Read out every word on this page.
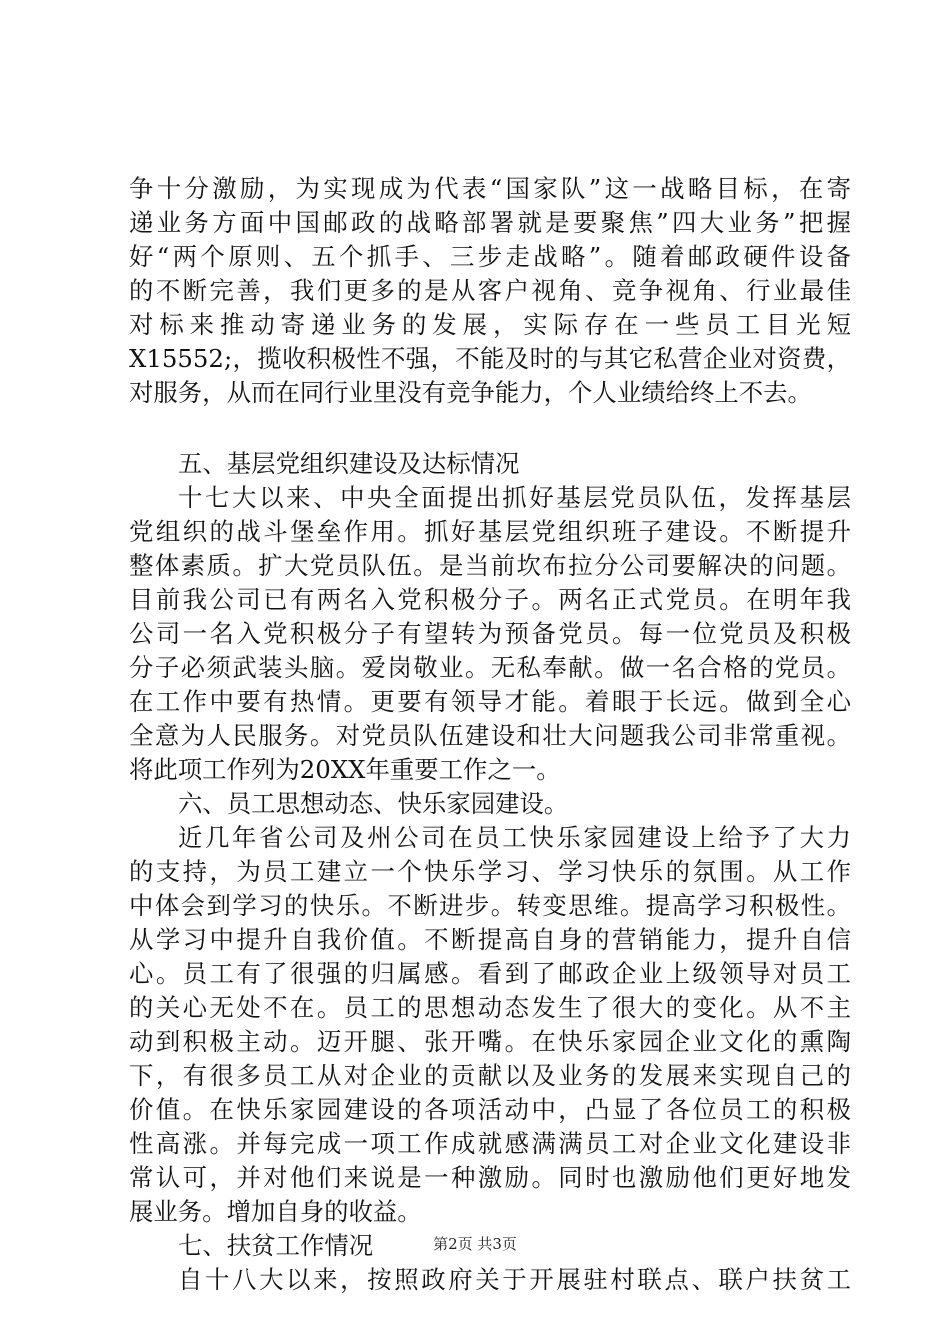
争十分激励，为实现成为代表“国家队”这一战略目标，在寄
递业务方面中国邮政的战略部署就是要聚焦”四大业务”把握
好“两个原则、五个抓手、三步走战略”。随着邮政硬件设备
的不断完善，我们更多的是从客户视角、竞争视角、行业最佳
对标来推动寄递业务的发展，实际存在一些员工目光短
X15552;，揽收积极性不强，不能及时的与其它私营企业对资费，
对服务，从而在同行业里没有竞争能力，个人业绩给终上不去。
五、基层党组织建设及达标情况
十七大以来、中央全面提出抓好基层党员队伍，发挥基层
党组织的战斗堡垒作用。抓好基层党组织班子建设。不断提升
整体素质。扩大党员队伍。是当前坎布拉分公司要解决的问题。
目前我公司已有两名入党积极分子。两名正式党员。在明年我
公司一名入党积极分子有望转为预备党员。每一位党员及积极
分子必须武装头脑。爱岗敬业。无私奉献。做一名合格的党员。
在工作中要有热情。更要有领导才能。着眼于长远。做到全心
全意为人民服务。对党员队伍建设和壮大问题我公司非常重视。
将此项工作列为20XX年重要工作之一。
六、员工思想动态、快乐家园建设。
近几年省公司及州公司在员工快乐家园建设上给予了大力
的支持，为员工建立一个快乐学习、学习快乐的氛围。从工作
中体会到学习的快乐。不断进步。转变思维。提高学习积极性。
从学习中提升自我价值。不断提高自身的营销能力，提升自信
心。员工有了很强的归属感。看到了邮政企业上级领导对员工
的关心无处不在。员工的思想动态发生了很大的变化。从不主
动到积极主动。迈开腿、张开嘴。在快乐家园企业文化的熏陶
下，有很多员工从对企业的贡献以及业务的发展来实现自己的
价值。在快乐家园建设的各项活动中，凸显了各位员工的积极
性高涨。并每完成一项工作成就感满满员工对企业文化建设非
常认可，并对他们来说是一种激励。同时也激励他们更好地发
展业务。增加自身的收益。
七、扶贫工作情况
自十八大以来，按照政府关于开展驻村联点、联户扶贫工
第2页 共3页
